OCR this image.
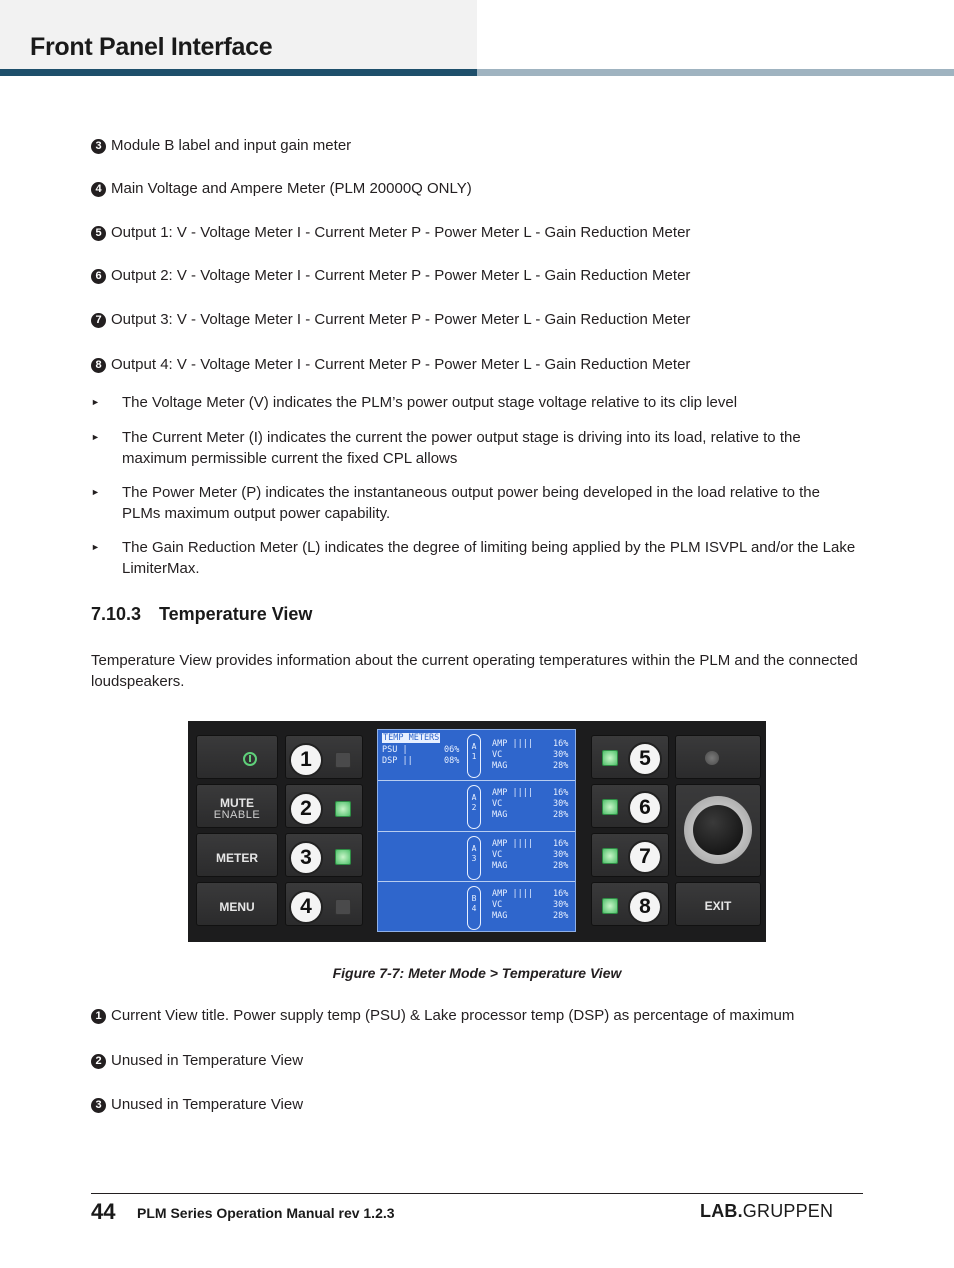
Front Panel Interface
3 Module B label and input gain meter
4 Main Voltage and Ampere Meter (PLM 20000Q ONLY)
5 Output 1: V - Voltage Meter I - Current Meter P - Power Meter L - Gain Reduction Meter
6 Output 2: V - Voltage Meter I - Current Meter P - Power Meter L - Gain Reduction Meter
7 Output 3: V - Voltage Meter I - Current Meter P - Power Meter L - Gain Reduction Meter
8 Output 4: V - Voltage Meter I - Current Meter P - Power Meter L - Gain Reduction Meter
► The Voltage Meter (V) indicates the PLM’s power output stage voltage relative to its clip level
► The Current Meter (I) indicates the current the power output stage is driving into its load, relative to the maximum permissible current the fixed CPL allows
► The Power Meter (P) indicates the instantaneous output power being developed in the load relative to the PLMs maximum output power capability.
► The Gain Reduction Meter (L) indicates the degree of limiting being applied by the PLM ISVPL and/or the Lake LimiterMax.
7.10.3 Temperature View
Temperature View provides information about the current operating temperatures within the PLM and the connected loudspeakers.
MUTE
ENABLE
METER
MENU
1
2
3
4
TEMP METERS
PSU |	06%
DSP ||	08%
A
1
AMP |||| 16%
VC	30%
MAG	28%
A
2
AMP |||| 16%
VC	30%
MAG	28%
A
3
AMP |||| 16%
VC	30%
MAG	28%
B
4
AMP |||| 16%
VC	30%
MAG	28%
5
6
7
8	EXIT
Figure 7-7: Meter Mode > Temperature View
1 Current View title. Power supply temp (PSU) & Lake processor temp (DSP) as percentage of maximum
2 Unused in Temperature View
3 Unused in Temperature View
44 PLM Series Operation Manual rev 1.2.3	LAB.GRUPPEN
